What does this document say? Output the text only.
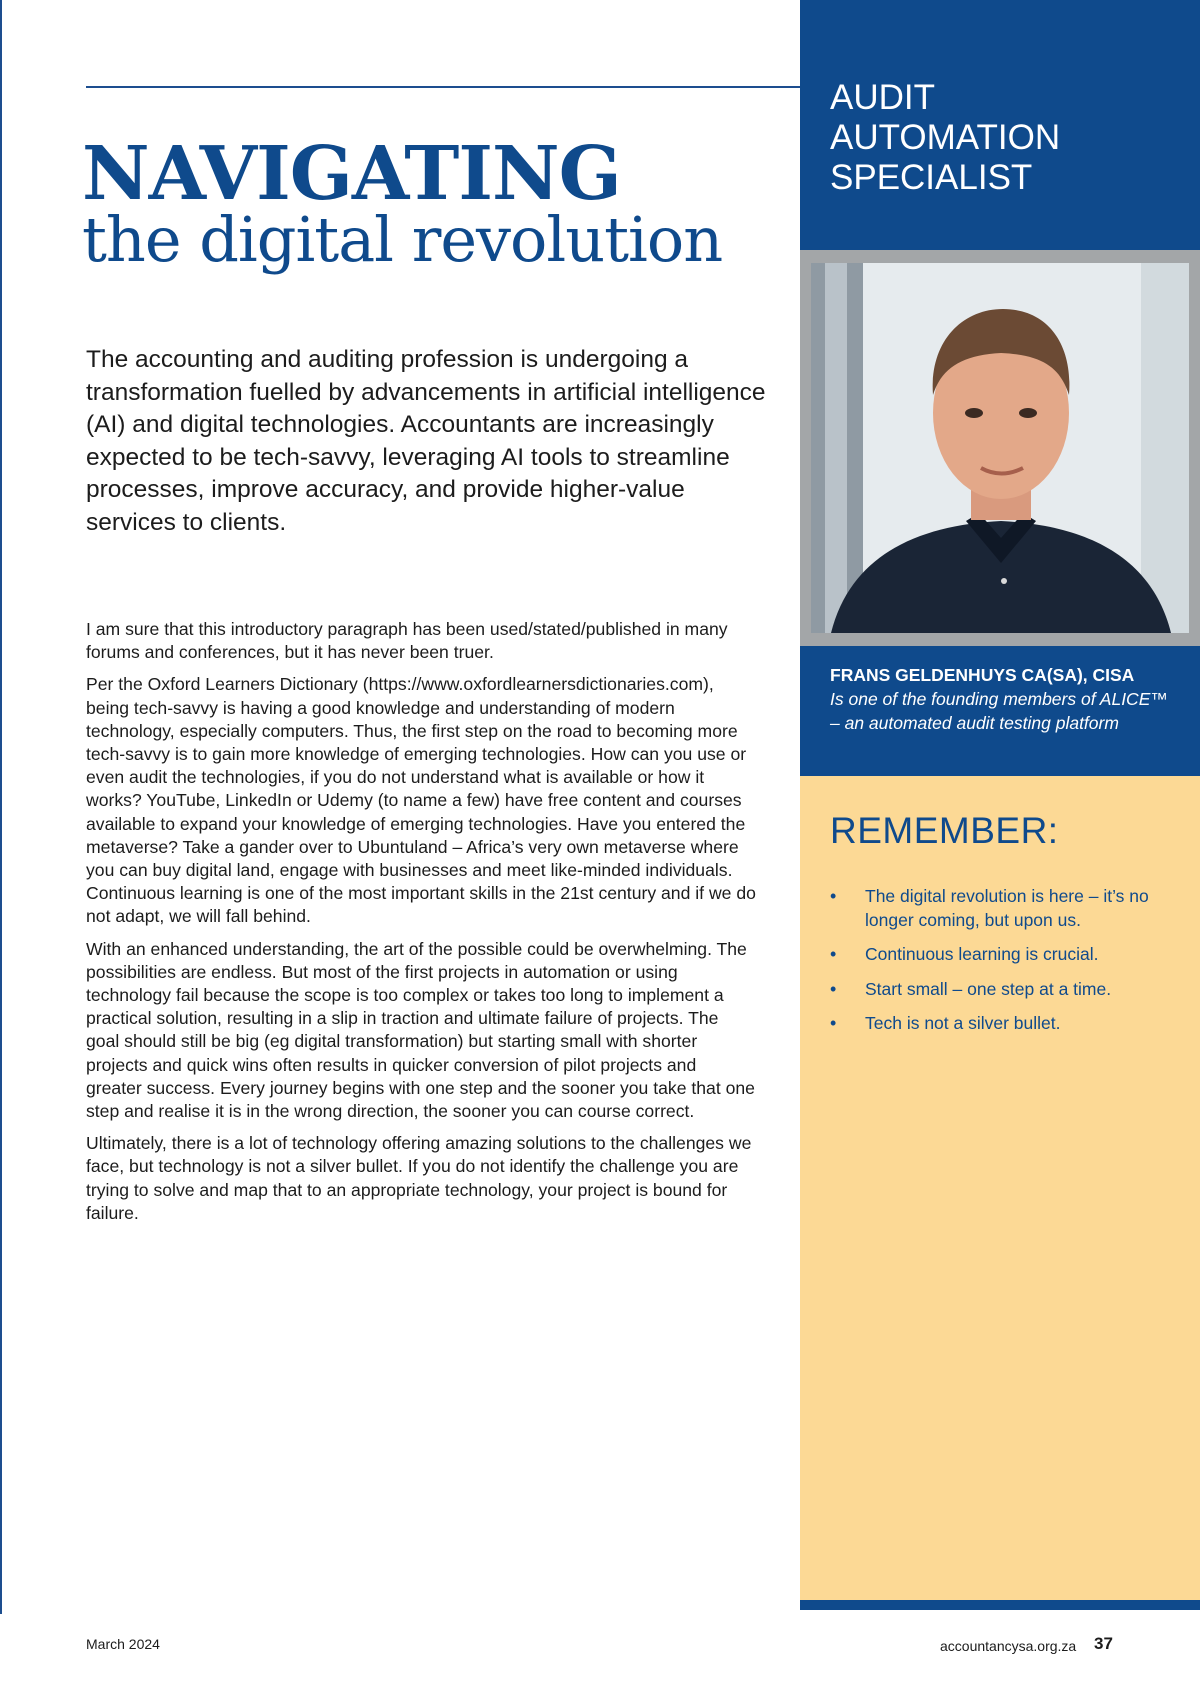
NAVIGATING
the digital revolution

The accounting and auditing profession is undergoing a transformation fuelled by advancements in artificial intelligence (AI) and digital technologies. Accountants are increasingly expected to be tech-savvy, leveraging AI tools to streamline processes, improve accuracy, and provide higher-value services to clients.

I am sure that this introductory paragraph has been used/stated/published in many forums and conferences, but it has never been truer.

Per the Oxford Learners Dictionary (https://www.oxfordlearnersdictionaries.com), being tech-savvy is having a good knowledge and understanding of modern technology, especially computers. Thus, the first step on the road to becoming more tech-savvy is to gain more knowledge of emerging technologies. How can you use or even audit the technologies, if you do not understand what is available or how it works? YouTube, LinkedIn or Udemy (to name a few) have free content and courses available to expand your knowledge of emerging technologies. Have you entered the metaverse? Take a gander over to Ubuntuland – Africa’s very own metaverse where you can buy digital land, engage with businesses and meet like-minded individuals. Continuous learning is one of the most important skills in the 21st century and if we do not adapt, we will fall behind.

With an enhanced understanding, the art of the possible could be overwhelming. The possibilities are endless. But most of the first projects in automation or using technology fail because the scope is too complex or takes too long to implement a practical solution, resulting in a slip in traction and ultimate failure of projects. The goal should still be big (eg digital transformation) but starting small with shorter projects and quick wins often results in quicker conversion of pilot projects and greater success. Every journey begins with one step and the sooner you take that one step and realise it is in the wrong direction, the sooner you can course correct.

Ultimately, there is a lot of technology offering amazing solutions to the challenges we face, but technology is not a silver bullet. If you do not identify the challenge you are trying to solve and map that to an appropriate technology, your project is bound for failure.

AUDIT AUTOMATION SPECIALIST

FRANS GELDENHUYS CA(SA), CISA

Is one of the founding members of ALICE™ – an automated audit testing platform

REMEMBER:
• The digital revolution is here – it’s no longer coming, but upon us.
• Continuous learning is crucial.
• Start small – one step at a time.
• Tech is not a silver bullet.
March 2024	accountancysa.org.za 37
